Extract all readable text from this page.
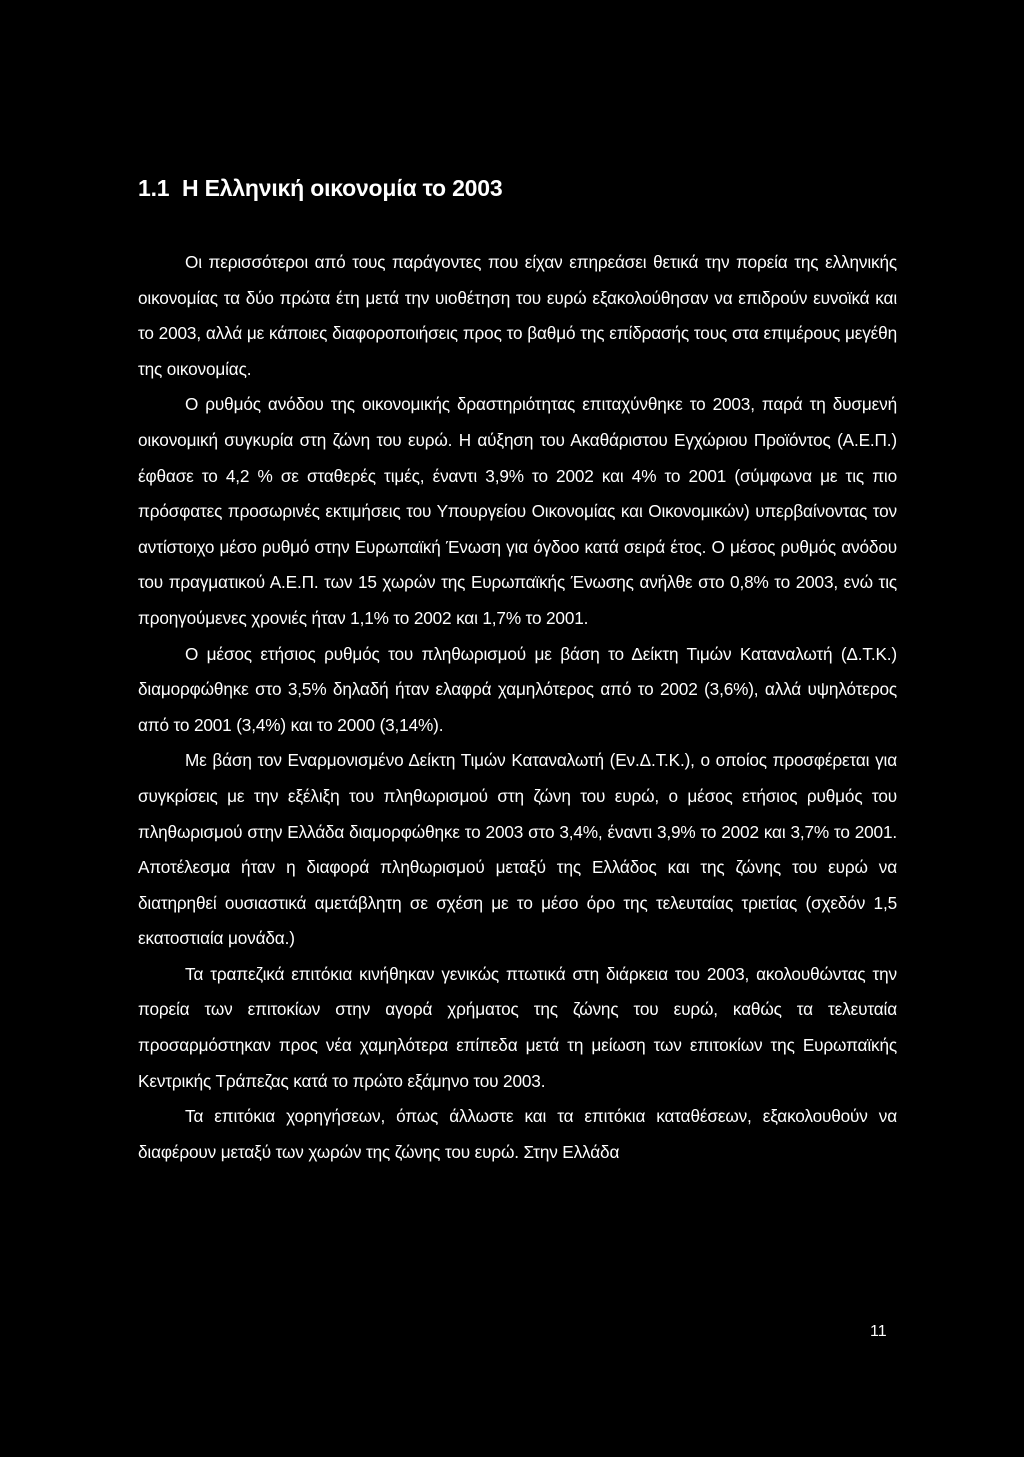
1.1 Η Ελληνική οικονομία το 2003

Οι περισσότεροι από τους παράγοντες που είχαν επηρεάσει θετικά την πορεία της ελληνικής οικονομίας τα δύο πρώτα έτη μετά την υιοθέτηση του ευρώ εξακολούθησαν να επιδρούν ευνοϊκά και το 2003, αλλά με κάποιες διαφοροποιήσεις προς το βαθμό της επίδρασής τους στα επιμέρους μεγέθη της οικονομίας.

Ο ρυθμός ανόδου της οικονομικής δραστηριότητας επιταχύνθηκε το 2003, παρά τη δυσμενή οικονομική συγκυρία στη ζώνη του ευρώ. Η αύξηση του Ακαθάριστου Εγχώριου Προϊόντος (Α.Ε.Π.) έφθασε το 4,2 % σε σταθερές τιμές, έναντι 3,9% το 2002 και 4% το 2001 (σύμφωνα με τις πιο πρόσφατες προσωρινές εκτιμήσεις του Υπουργείου Οικονομίας και Οικονομικών) υπερβαίνοντας τον αντίστοιχο μέσο ρυθμό στην Ευρωπαϊκή Ένωση για όγδοο κατά σειρά έτος. Ο μέσος ρυθμός ανόδου του πραγματικού Α.Ε.Π. των 15 χωρών της Ευρωπαϊκής Ένωσης ανήλθε στο 0,8% το 2003, ενώ τις προηγούμενες χρονιές ήταν 1,1% το 2002 και 1,7% το 2001.

Ο μέσος ετήσιος ρυθμός του πληθωρισμού με βάση το Δείκτη Τιμών Καταναλωτή (Δ.Τ.Κ.) διαμορφώθηκε στο 3,5% δηλαδή ήταν ελαφρά χαμηλότερος από το 2002 (3,6%), αλλά υψηλότερος από το 2001 (3,4%) και το 2000 (3,14%).

Με βάση τον Εναρμονισμένο Δείκτη Τιμών Καταναλωτή (Εν.Δ.Τ.Κ.), ο οποίος προσφέρεται για συγκρίσεις με την εξέλιξη του πληθωρισμού στη ζώνη του ευρώ, ο μέσος ετήσιος ρυθμός του πληθωρισμού στην Ελλάδα διαμορφώθηκε το 2003 στο 3,4%, έναντι 3,9% το 2002 και 3,7% το 2001. Αποτέλεσμα ήταν η διαφορά πληθωρισμού μεταξύ της Ελλάδος και της ζώνης του ευρώ να διατηρηθεί ουσιαστικά αμετάβλητη σε σχέση με το μέσο όρο της τελευταίας τριετίας (σχεδόν 1,5 εκατοστιαία μονάδα.)

Τα τραπεζικά επιτόκια κινήθηκαν γενικώς πτωτικά στη διάρκεια του 2003, ακολουθώντας την πορεία των επιτοκίων στην αγορά χρήματος της ζώνης του ευρώ, καθώς τα τελευταία προσαρμόστηκαν προς νέα χαμηλότερα επίπεδα μετά τη μείωση των επιτοκίων της Ευρωπαϊκής Κεντρικής Τράπεζας κατά το πρώτο εξάμηνο του 2003.

Τα επιτόκια χορηγήσεων, όπως άλλωστε και τα επιτόκια καταθέσεων, εξακολουθούν να διαφέρουν μεταξύ των χωρών της ζώνης του ευρώ. Στην Ελλάδα

11
